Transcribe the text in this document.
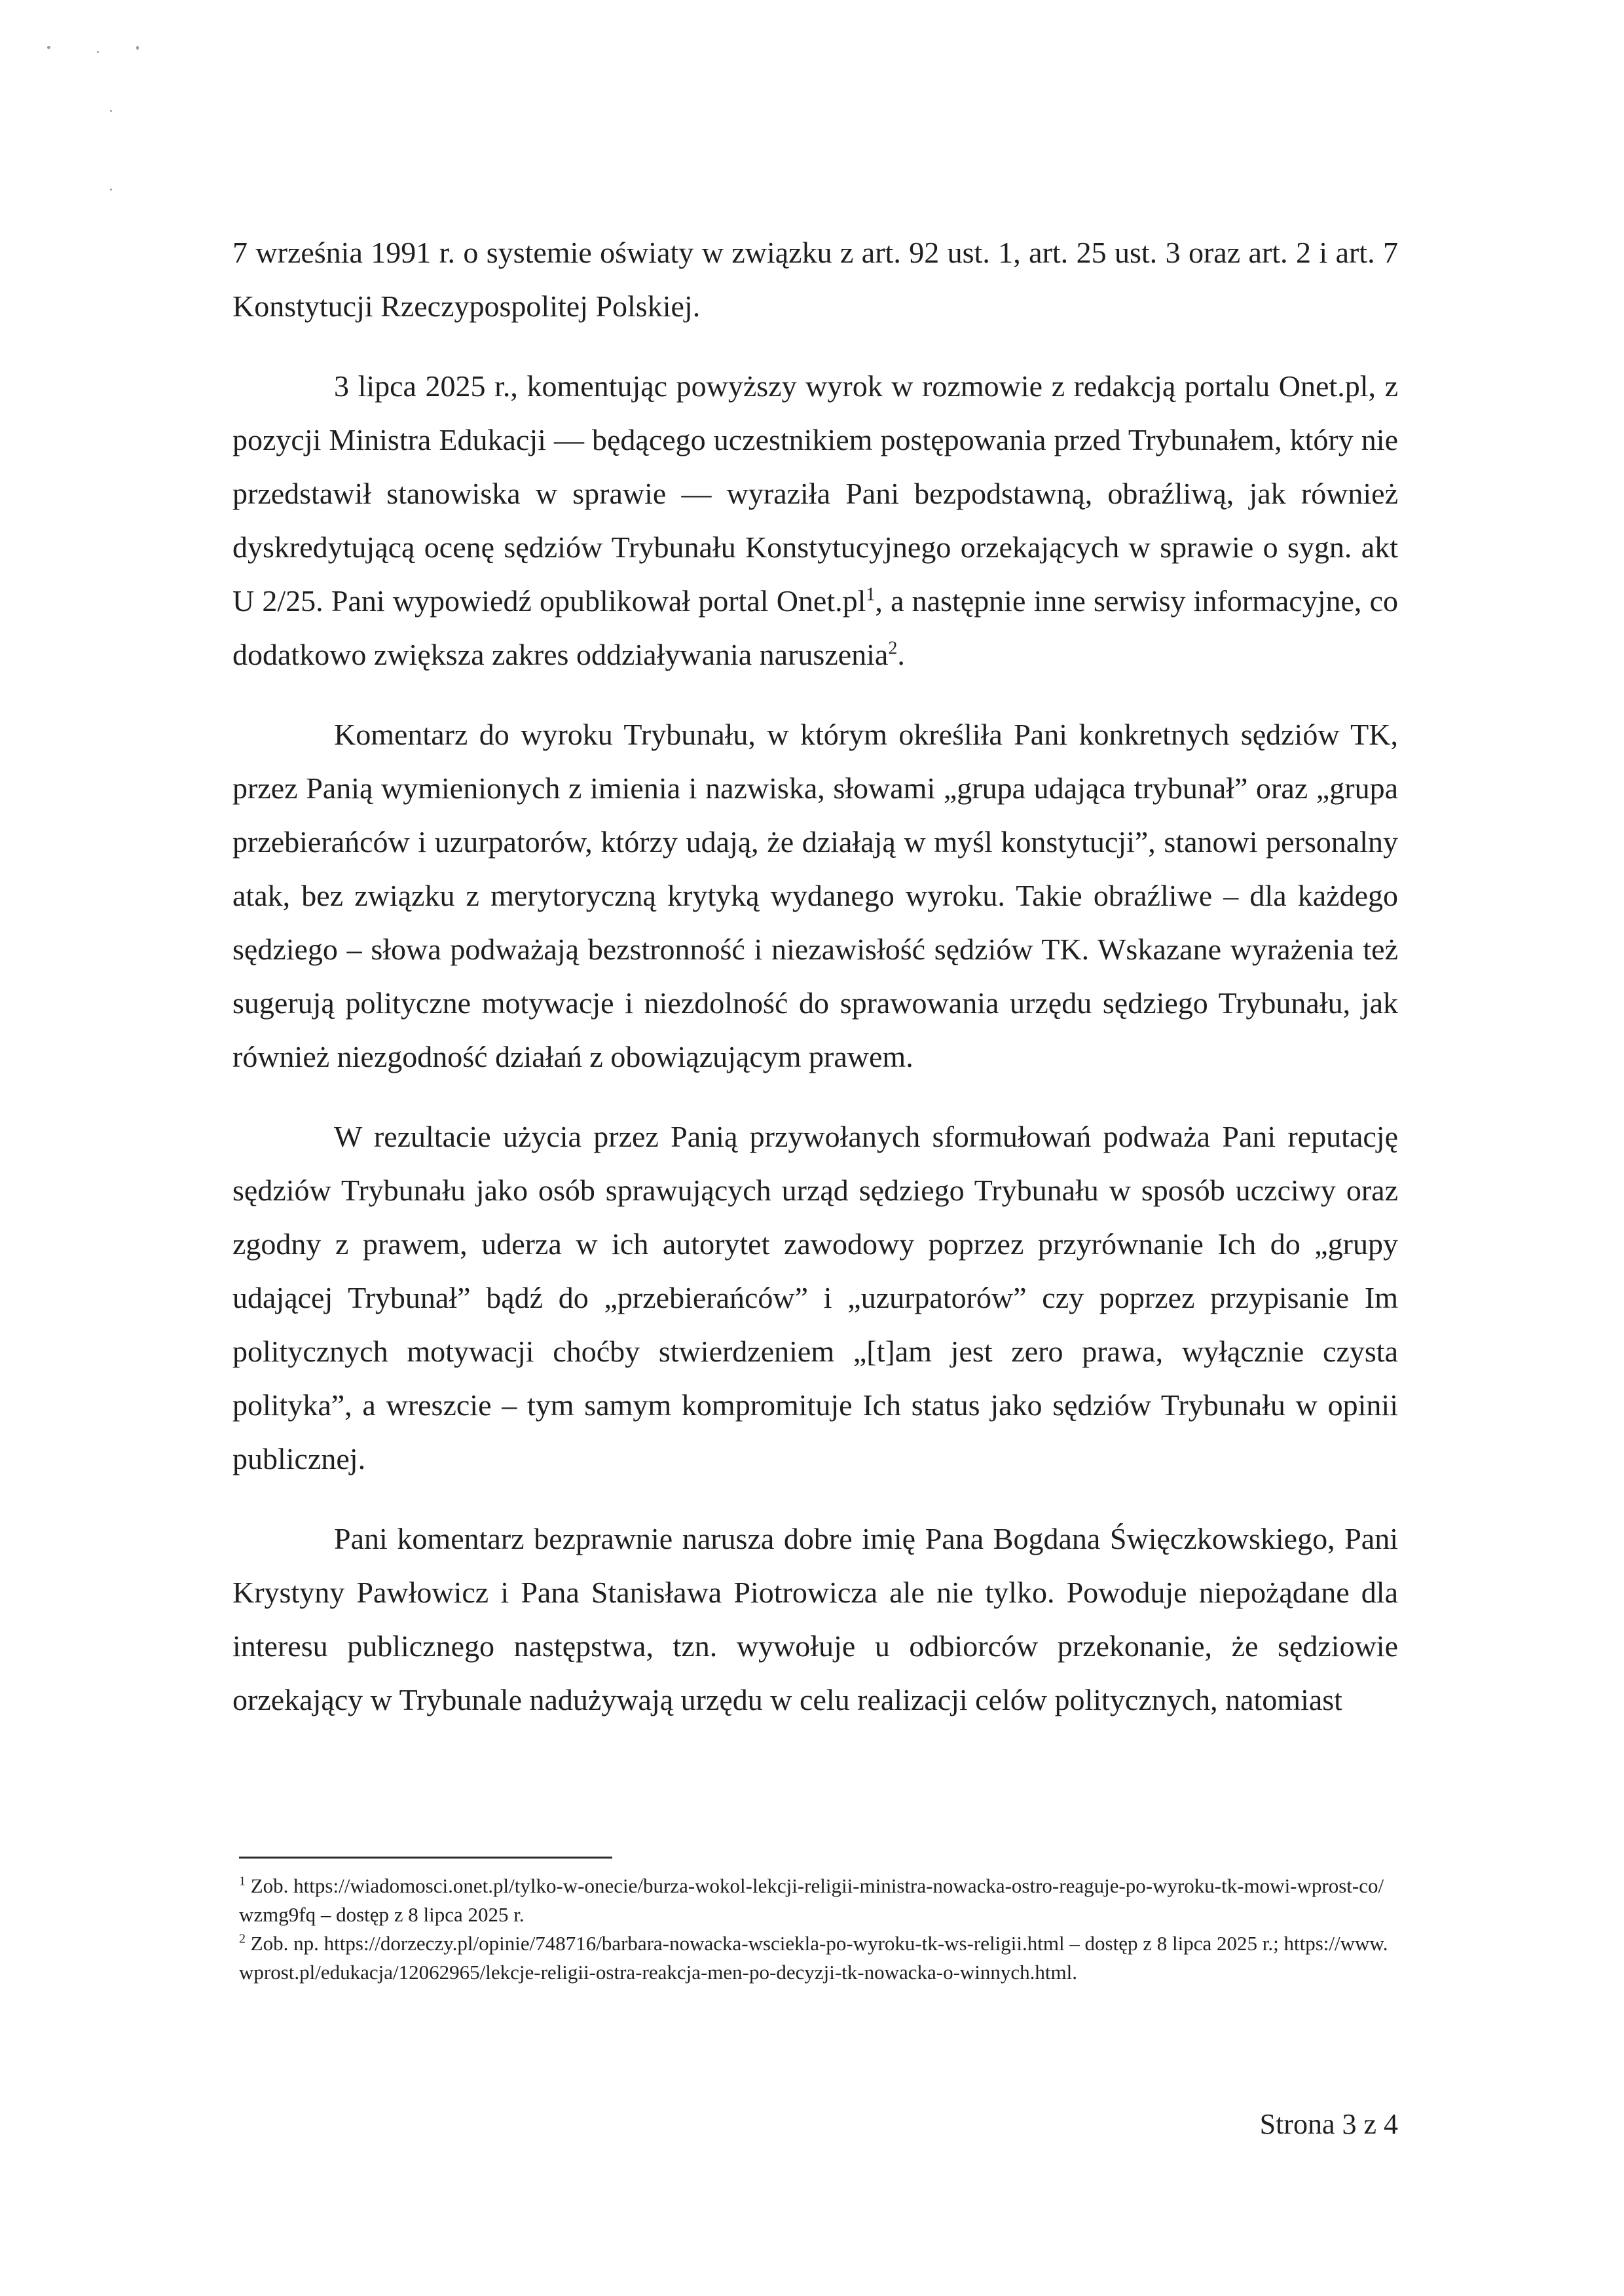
7 września 1991 r. o systemie oświaty w związku z art. 92 ust. 1, art. 25 ust. 3 oraz art. 2 i art. 7 Konstytucji Rzeczypospolitej Polskiej.

3 lipca 2025 r., komentując powyższy wyrok w rozmowie z redakcją portalu Onet.pl, z pozycji Ministra Edukacji — będącego uczestnikiem postępowania przed Trybunałem, który nie przedstawił stanowiska w sprawie — wyraziła Pani bezpodstawną, obraźliwą, jak również dyskredytującą ocenę sędziów Trybunału Konstytucyjnego orzekających w sprawie o sygn. akt U 2/25. Pani wypowiedź opublikował portal $Onet.pl^1$, a następnie inne serwisy informacyjne, co dodatkowo zwiększa zakres oddziaływania naruszenia$^2$.

Komentarz do wyroku Trybunału, w którym określiła Pani konkretnych sędziów TK, przez Panią wymienionych z imienia i nazwiska, słowami „grupa udająca trybunał” oraz „grupa przebierańców i uzurpatorów, którzy udają, że działają w myśl konstytucji”, stanowi personalny atak, bez związku z merytoryczną krytyką wydanego wyroku. Takie obraźliwe – dla każdego sędziego – słowa podważają bezstronność i niezawisłość sędziów TK. Wskazane wyrażenia też sugerują polityczne motywacje i niezdolność do sprawowania urzędu sędziego Trybunału, jak również niezgodność działań z obowiązującym prawem.

W rezultacie użycia przez Panią przywołanych sformułowań podważa Pani reputację sędziów Trybunału jako osób sprawujących urząd sędziego Trybunału w sposób uczciwy oraz zgodny z prawem, uderza w ich autorytet zawodowy poprzez przyrównanie Ich do „grupy udającej Trybunał” bądź do „przebierańców” i „uzurpatorów” czy poprzez przypisanie Im politycznych motywacji choćby stwierdzeniem „[t]am jest zero prawa, wyłącznie czysta polityka”, a wreszcie – tym samym kompromituje Ich status jako sędziów Trybunału w opinii publicznej.

Pani komentarz bezprawnie narusza dobre imię Pana Bogdana Święczkowskiego, Pani Krystyny Pawłowicz i Pana Stanisława Piotrowicza ale nie tylko. Powoduje niepożądane dla interesu publicznego następstwa, tzn. wywołuje u odbiorców przekonanie, że sędziowie orzekający w Trybunale nadużywają urzędu w celu realizacji celów politycznych, natomiast

$^1$ Zob. https://wiadomosci.onet.pl/tylko-w-onecie/burza-wokol-lekcji-religii-ministra-nowacka-ostro-reaguje-po-wyroku-tk-mowi-wprost-co/wzmg9fq – dostęp z 8 lipca 2025 r.

$^2$ Zob. np. https://dorzeczy.pl/opinie/748716/barbara-nowacka-wsciekla-po-wyroku-tk-ws-religii.html – dostęp z 8 lipca 2025 r.; https://www.wprost.pl/edukacja/12062965/lekcje-religii-ostra-reakcja-men-po-decyzji-tk-nowacka-o-winnych.html.

Strona 3 z 4
